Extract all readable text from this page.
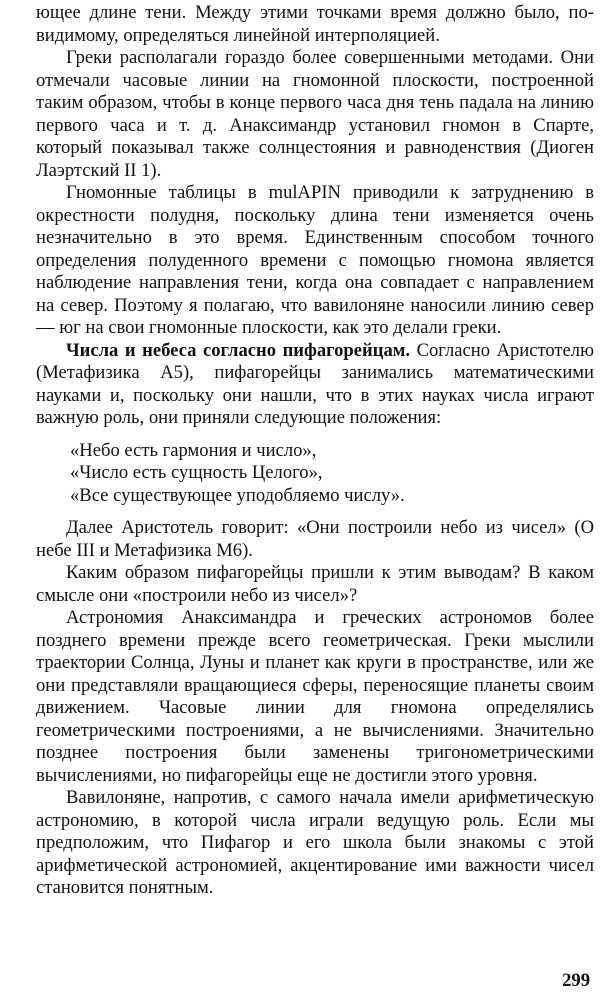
ющее длине тени. Между этими точками время должно было, по-видимому, определяться линейной интерполяцией.

Греки располагали гораздо более совершенными методами. Они отмечали часовые линии на гномонной плоскости, построенной таким образом, чтобы в конце первого часа дня тень падала на линию первого часа и т. д. Анаксимандр установил гномон в Спарте, который показывал также солнцестояния и равноденствия (Диоген Лаэртский II 1).

Гномонные таблицы в mulAPIN приводили к затруднению в окрестности полудня, поскольку длина тени изменяется очень незначительно в это время. Единственным способом точного определения полуденного времени с помощью гномона является наблюдение направления тени, когда она совпадает с направлением на север. Поэтому я полагаю, что вавилоняне наносили линию север — юг на свои гномонные плоскости, как это делали греки.

Числа и небеса согласно пифагорейцам. Согласно Аристотелю (Метафизика А5), пифагорейцы занимались математическими науками и, поскольку они нашли, что в этих науках числа играют важную роль, они приняли следующие положения:

«Небо есть гармония и число»,
«Число есть сущность Целого»,
«Все существующее уподобляемо числу».

Далее Аристотель говорит: «Они построили небо из чисел» (О небе III и Метафизика M6).

Каким образом пифагорейцы пришли к этим выводам? В каком смысле они «построили небо из чисел»?

Астрономия Анаксимандра и греческих астрономов более позднего времени прежде всего геометрическая. Греки мыслили траектории Солнца, Луны и планет как круги в пространстве, или же они представляли вращающиеся сферы, переносящие планеты своим движением. Часовые линии для гномона определялись геометрическими построениями, а не вычислениями. Значительно позднее построения были заменены тригонометрическими вычислениями, но пифагорейцы еще не достигли этого уровня.

Вавилоняне, напротив, с самого начала имели арифметическую астрономию, в которой числа играли ведущую роль. Если мы предположим, что Пифагор и его школа были знакомы с этой арифметической астрономией, акцентирование ими важности чисел становится понятным.

299
